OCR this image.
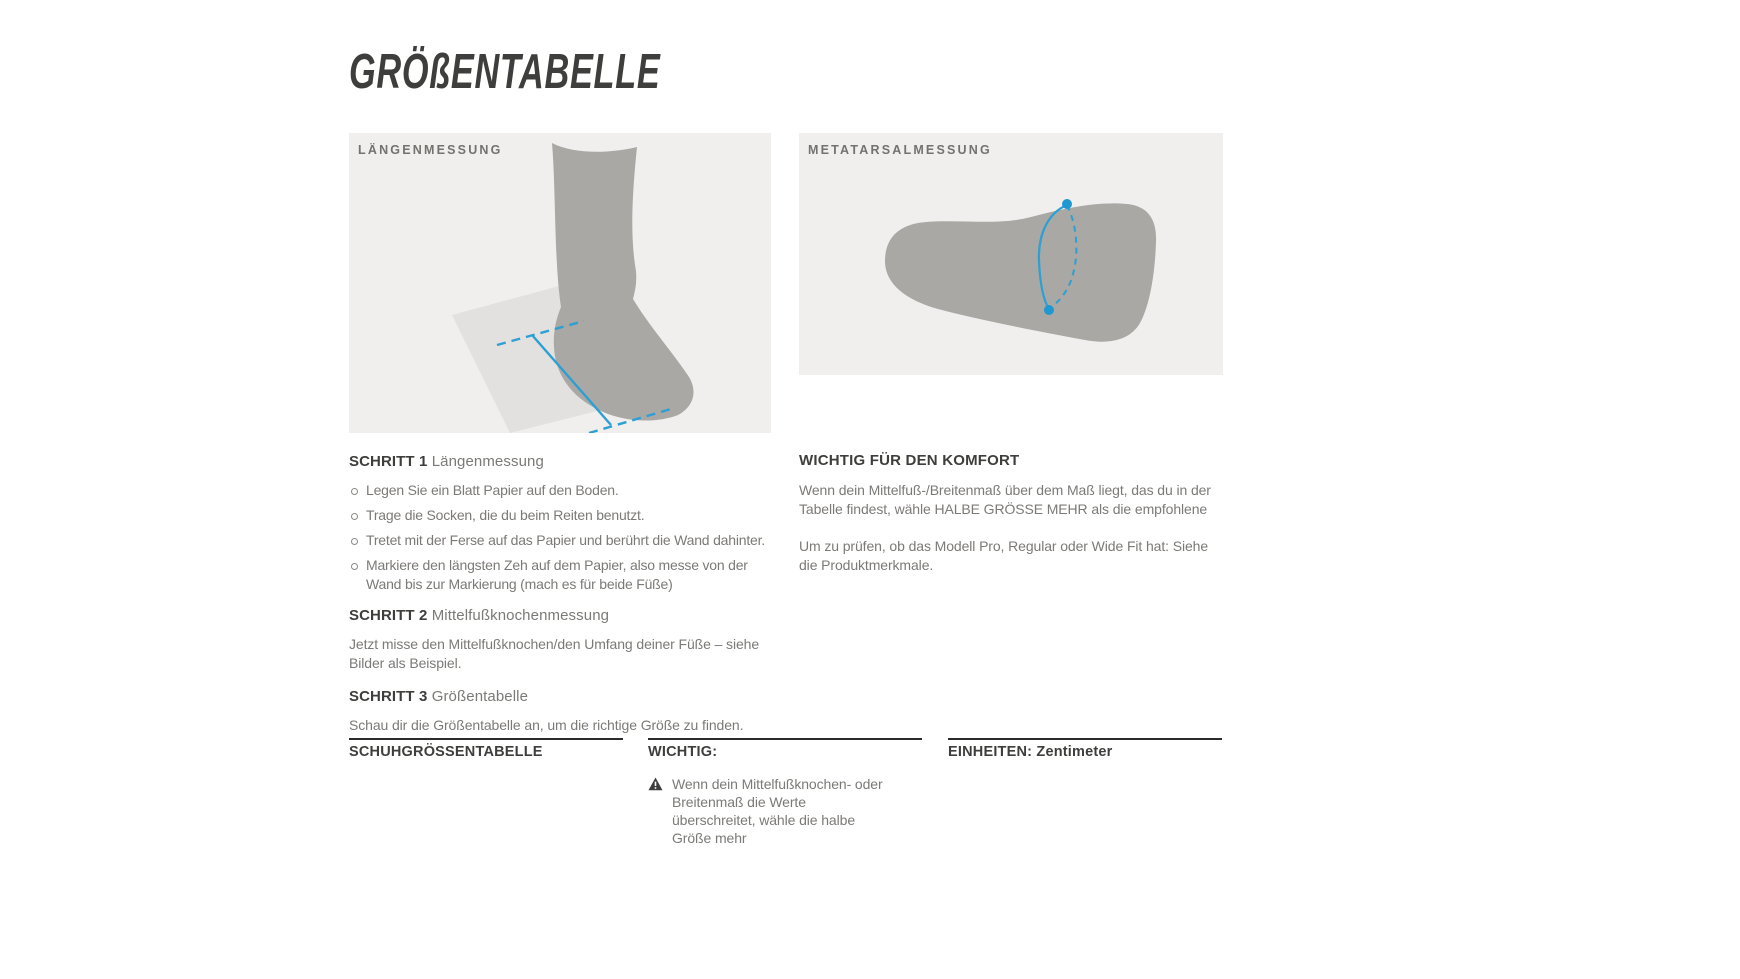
GRÖßENTABELLE
LÄNGENMESSUNG	METATARSALMESSUNG
SCHRITT 1 Längenmessung
Legen Sie ein Blatt Papier auf den Boden.
Trage die Socken, die du beim Reiten benutzt.
Tretet mit der Ferse auf das Papier und berührt die Wand dahinter.
Markiere den längsten Zeh auf dem Papier, also messe von der Wand bis zur Markierung (mach es für beide Füße)
SCHRITT 2 Mittelfußknochenmessung

Jetzt misse den Mittelfußknochen/den Umfang deiner Füße – siehe Bilder als Beispiel.

SCHRITT 3 Größentabelle

Schau dir die Größentabelle an, um die richtige Größe zu finden.

WICHTIG FÜR DEN KOMFORT

Wenn dein Mittelfuß-/Breitenmaß über dem Maß liegt, das du in der Tabelle findest, wähle HALBE GRÖSSE MEHR als die empfohlene

Um zu prüfen, ob das Modell Pro, Regular oder Wide Fit hat: Siehe die Produktmerkmale.

SCHUHGRÖSSENTABELLE	WICHTIG:
Wenn dein Mittelfußknochen- oder Breitenmaß die Werte überschreitet, wähle die halbe Größe mehr
EINHEITEN: Zentimeter
